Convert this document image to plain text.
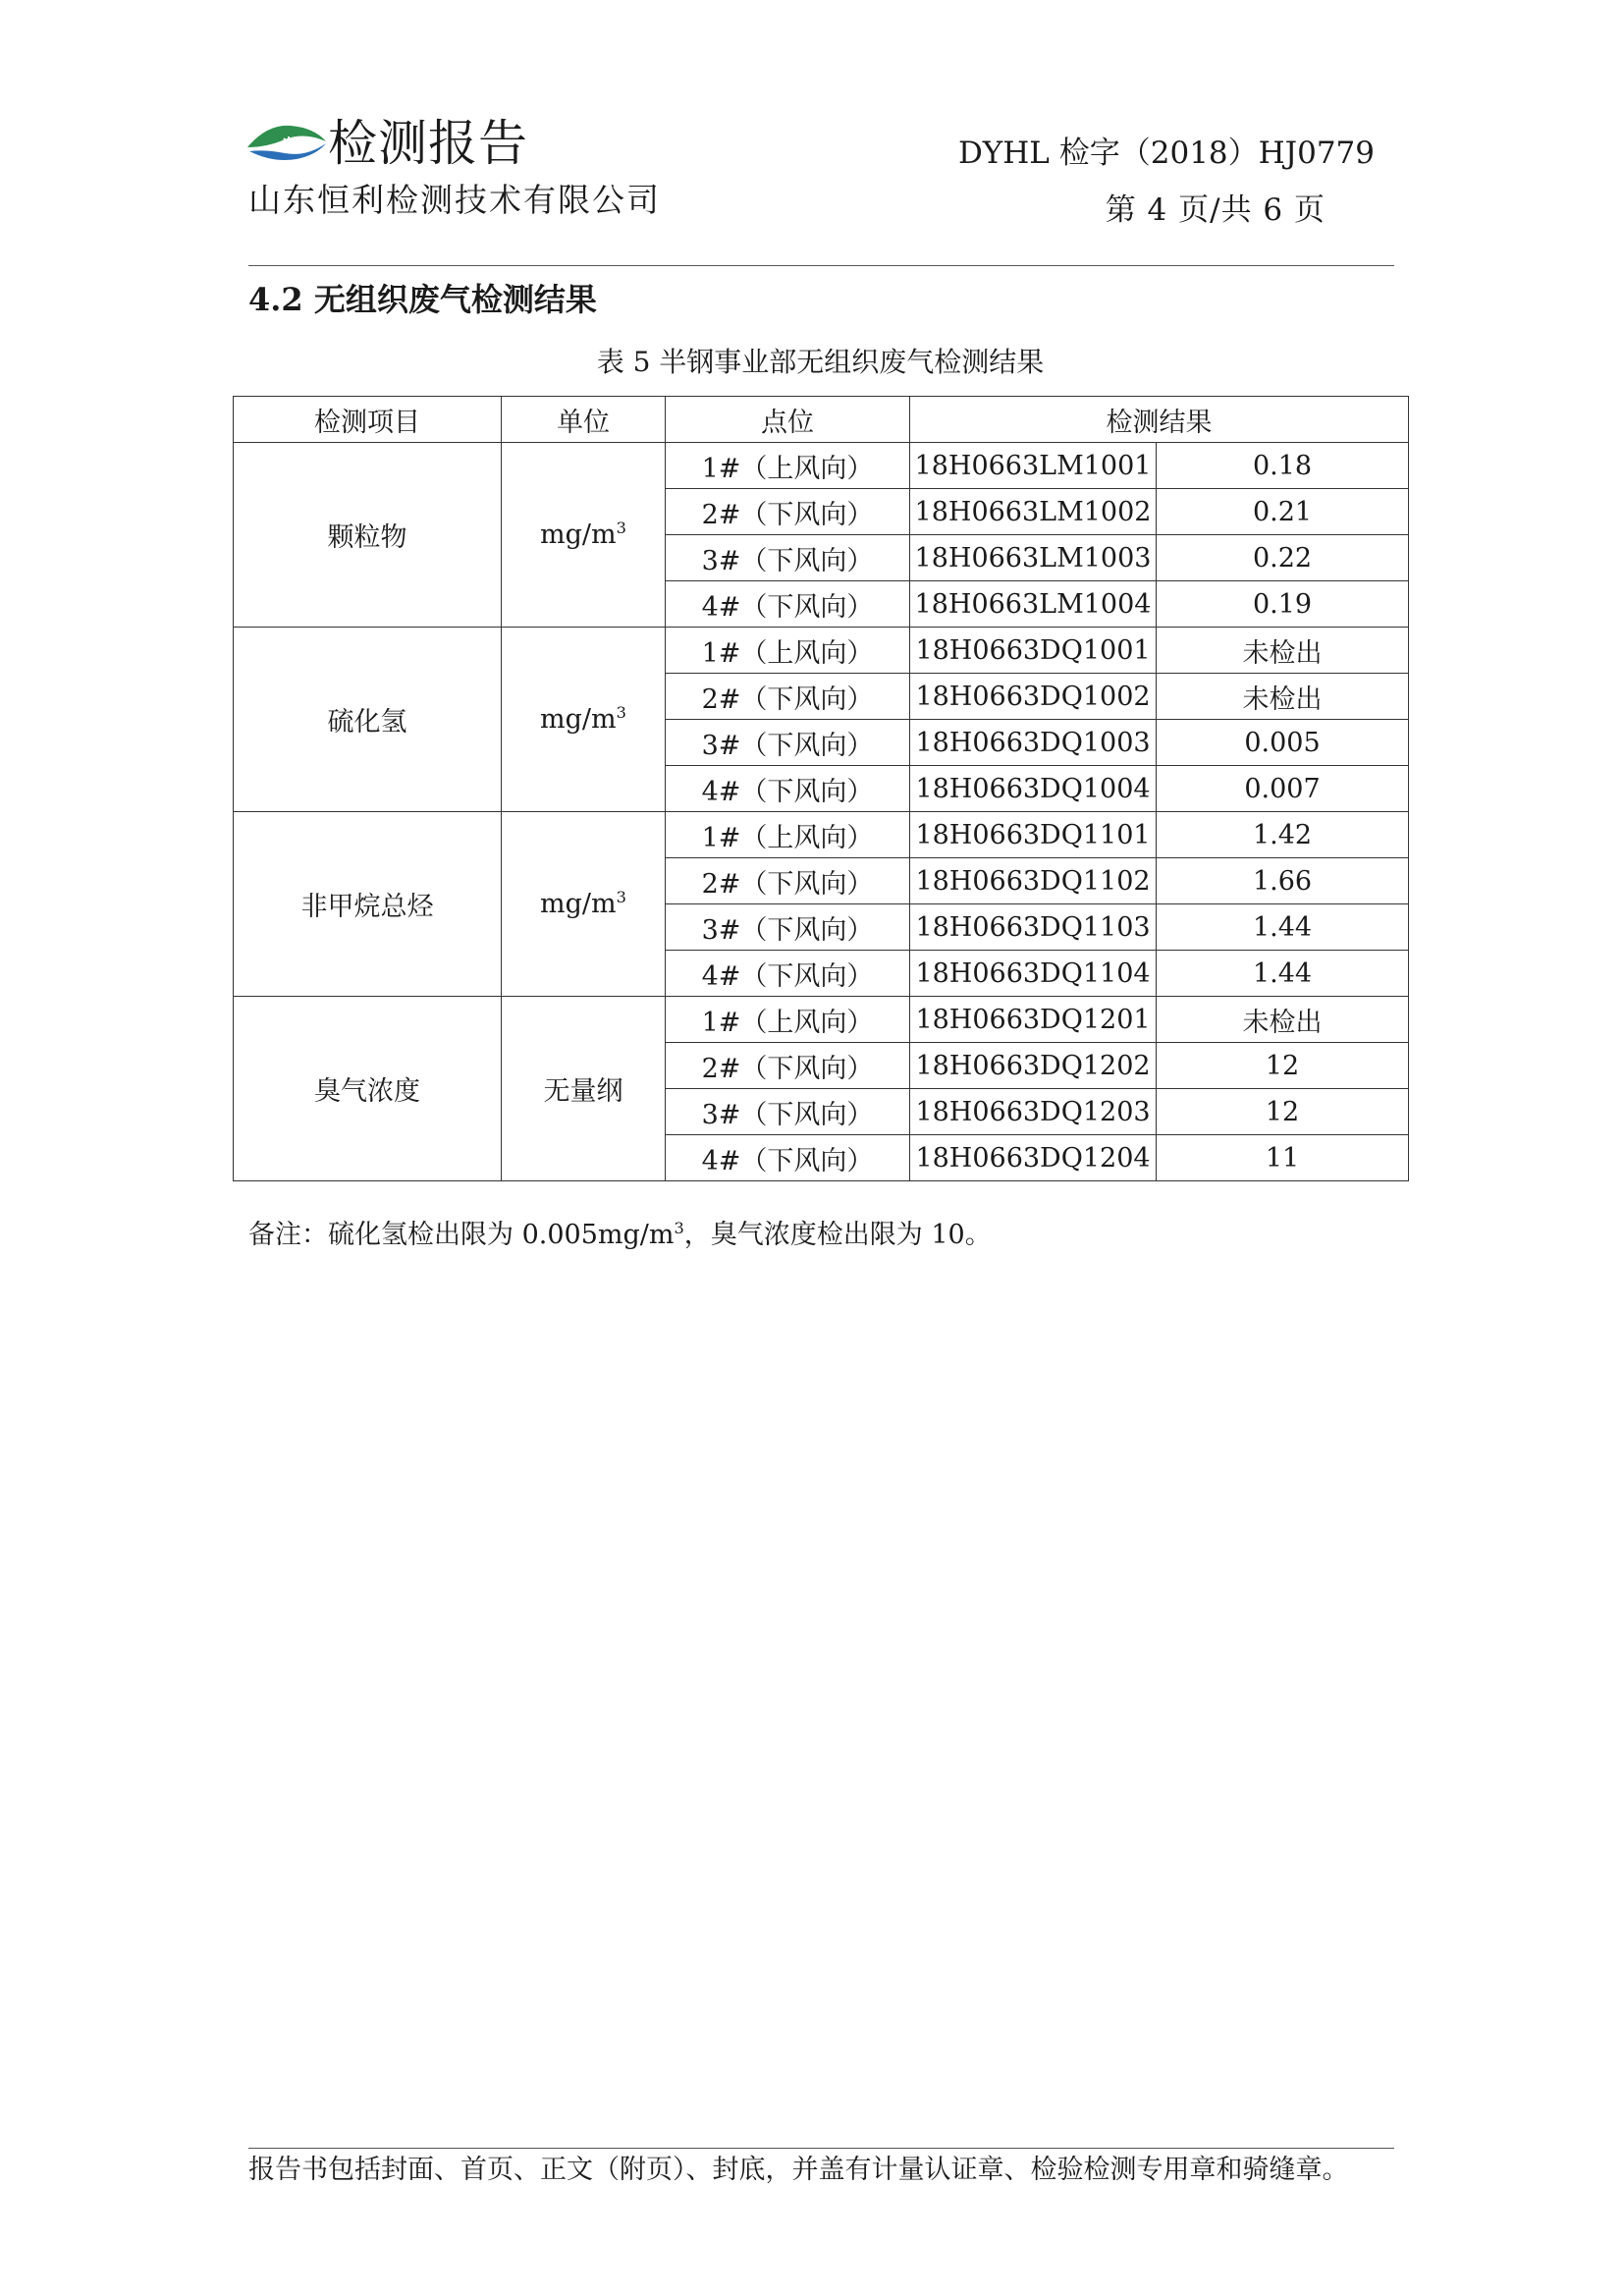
检测报告
山东恒利检测技术有限公司
DYHL 检字（2018）HJ0779
第 4 页/共 6 页
4.2 无组织废气检测结果
表 5 半钢事业部无组织废气检测结果
检测项目	单位	点位	检测结果	
颗粒物	$mg/m^3$	1#（上风向）	18H0663LM1001	0.18
		2#（下风向）	18H0663LM1002	0.21
		3#（下风向）	18H0663LM1003	0.22
		4#（下风向）	18H0663LM1004	0.19
硫化氢	$mg/m^3$	1#（上风向）	18H0663DQ1001	未检出
		2#（下风向）	18H0663DQ1002	未检出
		3#（下风向）	18H0663DQ1003	0.005
		4#（下风向）	18H0663DQ1004	0.007
非甲烷总烃	$mg/m^3$	1#（上风向）	18H0663DQ1101	1.42
		2#（下风向）	18H0663DQ1102	1.66
		3#（下风向）	18H0663DQ1103	1.44
		4#（下风向）	18H0663DQ1104	1.44
臭气浓度	无量纲	1#（上风向）	18H0663DQ1201	未检出
		2#（下风向）	18H0663DQ1202	12
		3#（下风向）	18H0663DQ1203	12
		4#（下风向）	18H0663DQ1204	11
备注：硫化氢检出限为 $0.005mg/m^3$，臭气浓度检出限为 10。
报告书包括封面、首页、正文（附页）、封底，并盖有计量认证章、检验检测专用章和骑缝章。
